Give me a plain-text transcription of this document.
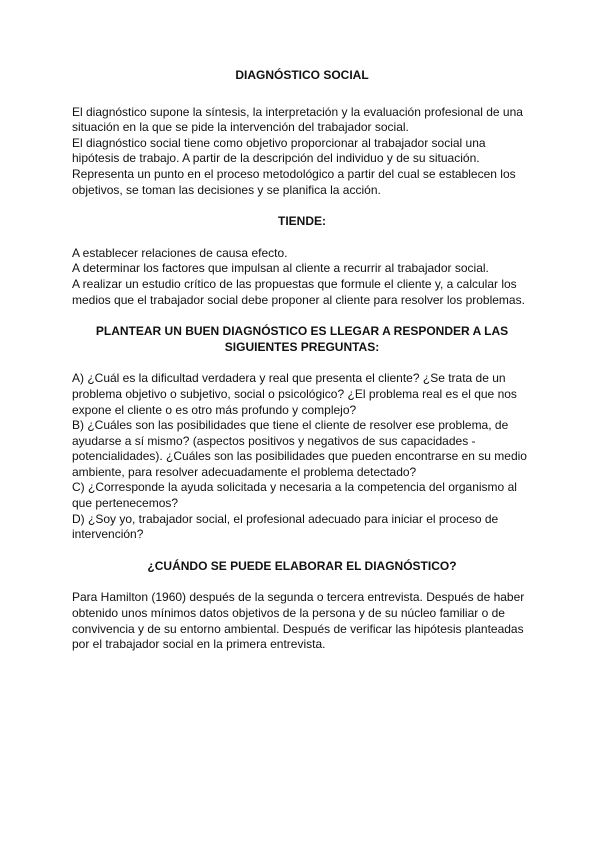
DIAGNÓSTICO SOCIAL

El diagnóstico supone la síntesis, la interpretación y la evaluación profesional de una situación en la que se pide la intervención del trabajador social.

El diagnóstico social tiene como objetivo proporcionar al trabajador social una hipótesis de trabajo. A partir de la descripción del individuo y de su situación. Representa un punto en el proceso metodológico a partir del cual se establecen los objetivos, se toman las decisiones y se planifica la acción.

TIENDE:

A establecer relaciones de causa efecto.

A determinar los factores que impulsan al cliente a recurrir al trabajador social.

A realizar un estudio crítico de las propuestas que formule el cliente y, a calcular los medios que el trabajador social debe proponer al cliente para resolver los problemas.

PLANTEAR UN BUEN DIAGNÓSTICO ES LLEGAR A RESPONDER A LAS SIGUIENTES PREGUNTAS:

A) ¿Cuál es la dificultad verdadera y real que presenta el cliente? ¿Se trata de un problema objetivo o subjetivo, social o psicológico? ¿El problema real es el que nos expone el cliente o es otro más profundo y complejo?

B) ¿Cuáles son las posibilidades que tiene el cliente de resolver ese problema, de ayudarse a sí mismo? (aspectos positivos y negativos de sus capacidades - potencialidades). ¿Cuáles son las posibilidades que pueden encontrarse en su medio ambiente, para resolver adecuadamente el problema detectado?

C) ¿Corresponde la ayuda solicitada y necesaria a la competencia del organismo al que pertenecemos?

D) ¿Soy yo, trabajador social, el profesional adecuado para iniciar el proceso de intervención?

¿CUÁNDO SE PUEDE ELABORAR EL DIAGNÓSTICO?

Para Hamilton (1960) después de la segunda o tercera entrevista. Después de haber obtenido unos mínimos datos objetivos de la persona y de su núcleo familiar o de convivencia y de su entorno ambiental. Después de verificar las hipótesis planteadas por el trabajador social en la primera entrevista.
